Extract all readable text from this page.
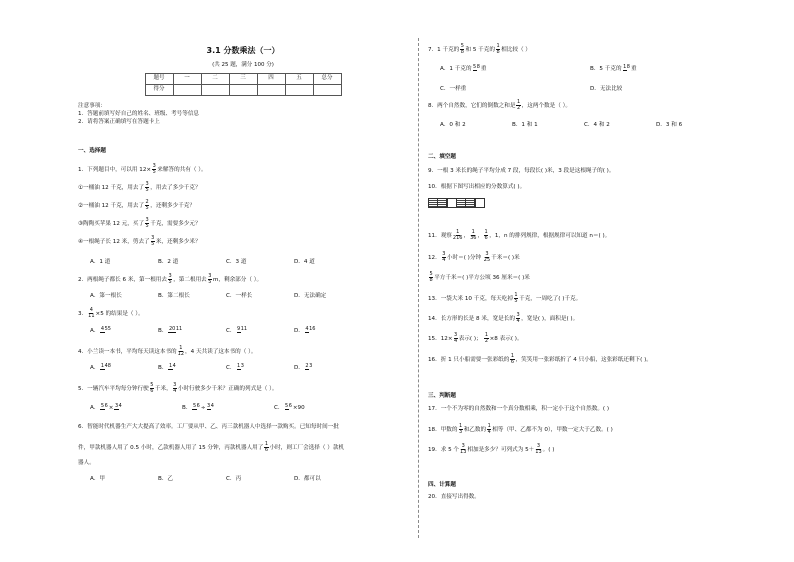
3.1 分数乘法（一）
(共 25 题，满分 100 分)
题号	一	二	三	四	五	总分
得分						
注意事项：
1．答题前填写好自己的姓名、班级、考号等信息
2．请将答案正确填写在答题卡上
一、选择题
1．下列题目中，可以用 $12\times \frac{3}{5}$ 来解答的共有（ ）。
①一桶油 12 千克，用去了 $\frac{3}{5}$ ，用去了多少千克？
②一桶油 12 千克，用去了 $\frac{2}{5}$ ，还剩多少千克？
③陶陶买苹果 12 元，买了 $\frac{3}{5}$ 千克，需要多少元？
④一根绳子长 12 米，剪去了 $\frac{3}{5}$ 米，还剩多少米？
A．1 道	B．2 道	C．3 道	D．4 道
2．两根绳子都长 6 米，第一根用去 $\frac{3}{5}$ ，第二根用去 $\frac{3}{5}$ m，剩余部分（ ）。
A．第一根长	B．第二根长	C．一样长	D．无法确定
3． $\frac{4}{11} \times 5$ 的结果是（ ）。
A． 455	B． 2011	C． 911	D． 416
4．小兰读一本书，平均每天读这本书的 $\frac{1}{12}$ ，4 天共读了这本书的（ ）。
A． 148	B． 14	C． 13	D． 23
5．一辆汽车平均每分钟行驶 $\frac{5}{6}$ 千米， $\frac{3}{4}$ 小时行驶多少千米？正确的列式是（ ）。
A． 56× 34	B． 56÷ 34	C． 56×90
6．智能时代机器生产大大提高了效率。工厂要从甲、乙、丙三款机器人中选择一款购买。已知每时间一批
件，甲款机器人用了 0.5 小时，乙款机器人用了 15 分钟，丙款机器人用了 $\frac{1}{6}$ 小时，则工厂会选择（ ）款机
器人。
A．甲	B．乙	C．丙	D．都可以
7．1 千克的 $\frac{5}{8}$ 和 5 千克的 $\frac{1}{8}$ 相比较（ ）
A．1 千克的 58重	B．5 千克的 18重
C．一样重	D．无法比较
8．两个自然数，它们的倒数之和是 $\frac{1}{2}$ ，这两个数是（ ）。
A．0 和 2	B．1 和 1	C．4 和 2	D．3 和 6
二、填空题
9．一根 3 米长的绳子平均分成 7 段，每段长( )米，3 段是这根绳子的( )。
10．根据下图写出相应的分数算式( )。
11．观察 $\frac{1}{216}$ ， $\frac{1}{36}$ ， $\frac{1}{6}$ ，1，n 的排列规律，根据规律可以知道 n＝( )。
12． $\frac{3}{4}$ 小时＝( )分钟 $\frac{3}{25}$ 千米＝( )米
$\frac{5}{8}$ 平方千米＝( )平方公顷 36 厘米＝( )米
13．一袋大米 10 千克，每天吃掉 $\frac{1}{5}$ 千克，一周吃了( )千克。
14．长方形的长是 8 米，宽是长的 $\frac{3}{4}$ ，宽是( )，面积是( )。
15．$12\times \frac{3}{4}$ 表示( )； $\frac{1}{2} \times 8$ 表示( )。
16．折 1 只小船需要一张彩纸的 $\frac{1}{6}$ ，笑笑用一张彩纸折了 4 只小船，这张彩纸还剩下( )。
三、判断题
17．一个不为零的自然数和一个真分数相乘，积一定小于这个自然数。( )
18．甲数的 $\frac{1}{3}$ 和乙数的 $\frac{1}{4}$ 相等（甲、乙都不为 0），甲数一定大于乙数。( )
19．求 5 个 $\frac{3}{13}$ 相加是多少？可列式为 $5+ \frac{3}{13}$ 。( )
四、计算题
20．直接写出得数。
